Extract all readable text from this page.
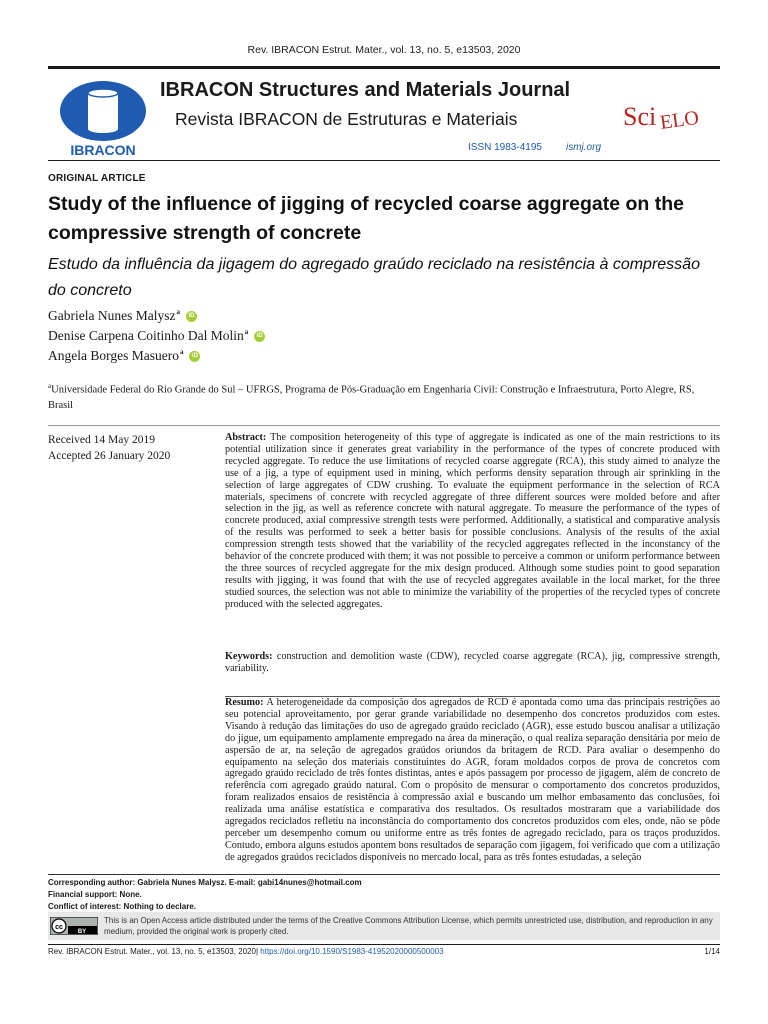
Rev. IBRACON Estrut. Mater., vol. 13, no. 5, e13503, 2020
IBRACON
IBRACON Structures and Materials Journal
Revista IBRACON de Estruturas e Materiais
ISSN 1983-4195 ismj.org
Sci ELO
ORIGINAL ARTICLE
Study of the influence of jigging of recycled coarse aggregate on the compressive strength of concrete
Estudo da influência da jigagem do agregado graúdo reciclado na resistência à compressão do concreto
Gabriela Nunes Malysz$^a$	iD
Denise Carpena Coitinho Dal Molin$^a$	iD
Angela Borges Masuero$^a$	iD
$^a$Universidade Federal do Rio Grande do Sul – UFRGS, Programa de Pós-Graduação em Engenharia Civil: Construção e Infraestrutura, Porto Alegre, RS, Brasil
Received 14 May 2019
Accepted 26 January 2020
Abstract: The composition heterogeneity of this type of aggregate is indicated as one of the main restrictions to its potential utilization since it generates great variability in the performance of the types of concrete produced with recycled aggregate. To reduce the use limitations of recycled coarse aggregate (RCA), this study aimed to analyze the use of a jig, a type of equipment used in mining, which performs density separation through air sprinkling in the selection of large aggregates of CDW crushing. To evaluate the equipment performance in the selection of RCA materials, specimens of concrete with recycled aggregate of three different sources were molded before and after selection in the jig, as well as reference concrete with natural aggregate. To measure the performance of the types of concrete produced, axial compressive strength tests were performed. Additionally, a statistical and comparative analysis of the results was performed to seek a better basis for possible conclusions. Analysis of the results of the axial compression strength tests showed that the variability of the recycled aggregates reflected in the inconstancy of the behavior of the concrete produced with them; it was not possible to perceive a common or uniform performance between the three sources of recycled aggregate for the mix design produced. Although some studies point to good separation results with jigging, it was found that with the use of recycled aggregates available in the local market, for the three studied sources, the selection was not able to minimize the variability of the properties of the recycled types of concrete produced with the selected aggregates.
Keywords: construction and demolition waste (CDW), recycled coarse aggregate (RCA), jig, compressive strength, variability.
Resumo: A heterogeneidade da composição dos agregados de RCD é apontada como uma das principais restrições ao seu potencial aproveitamento, por gerar grande variabilidade no desempenho dos concretos produzidos com estes. Visando à redução das limitações do uso de agregado graúdo reciclado (AGR), esse estudo buscou analisar a utilização do jigue, um equipamento amplamente empregado na área da mineração, o qual realiza separação densitária por meio de aspersão de ar, na seleção de agregados graúdos oriundos da britagem de RCD. Para avaliar o desempenho do equipamento na seleção dos materiais constituintes do AGR, foram moldados corpos de prova de concretos com agregado graúdo reciclado de três fontes distintas, antes e após passagem por processo de jigagem, além de concreto de referência com agregado graúdo natural. Com o propósito de mensurar o comportamento dos concretos produzidos, foram realizados ensaios de resistência à compressão axial e buscando um melhor embasamento das conclusões, foi realizada uma análise estatística e comparativa dos resultados. Os resultados mostraram que a variabilidade dos agregados reciclados refletiu na inconstância do comportamento dos concretos produzidos com eles, onde, não se pôde perceber um desempenho comum ou uniforme entre as três fontes de agregado reciclado, para os traços produzidos. Contudo, embora alguns estudos apontem bons resultados de separação com jigagem, foi verificado que com a utilização de agregados graúdos reciclados disponíveis no mercado local, para as três fontes estudadas, a seleção
Corresponding author: Gabriela Nunes Malysz. E-mail: gabi14nunes@hotmail.com
Financial support: None.
Conflict of interest: Nothing to declare.
cc
BY
This is an Open Access article distributed under the terms of the Creative Commons Attribution License, which permits unrestricted use, distribution, and reproduction in any medium, provided the original work is properly cited.
Rev. IBRACON Estrut. Mater., vol. 13, no. 5, e13503, 2020| https://doi.org/10.1590/S1983-41952020000500003	1/14
